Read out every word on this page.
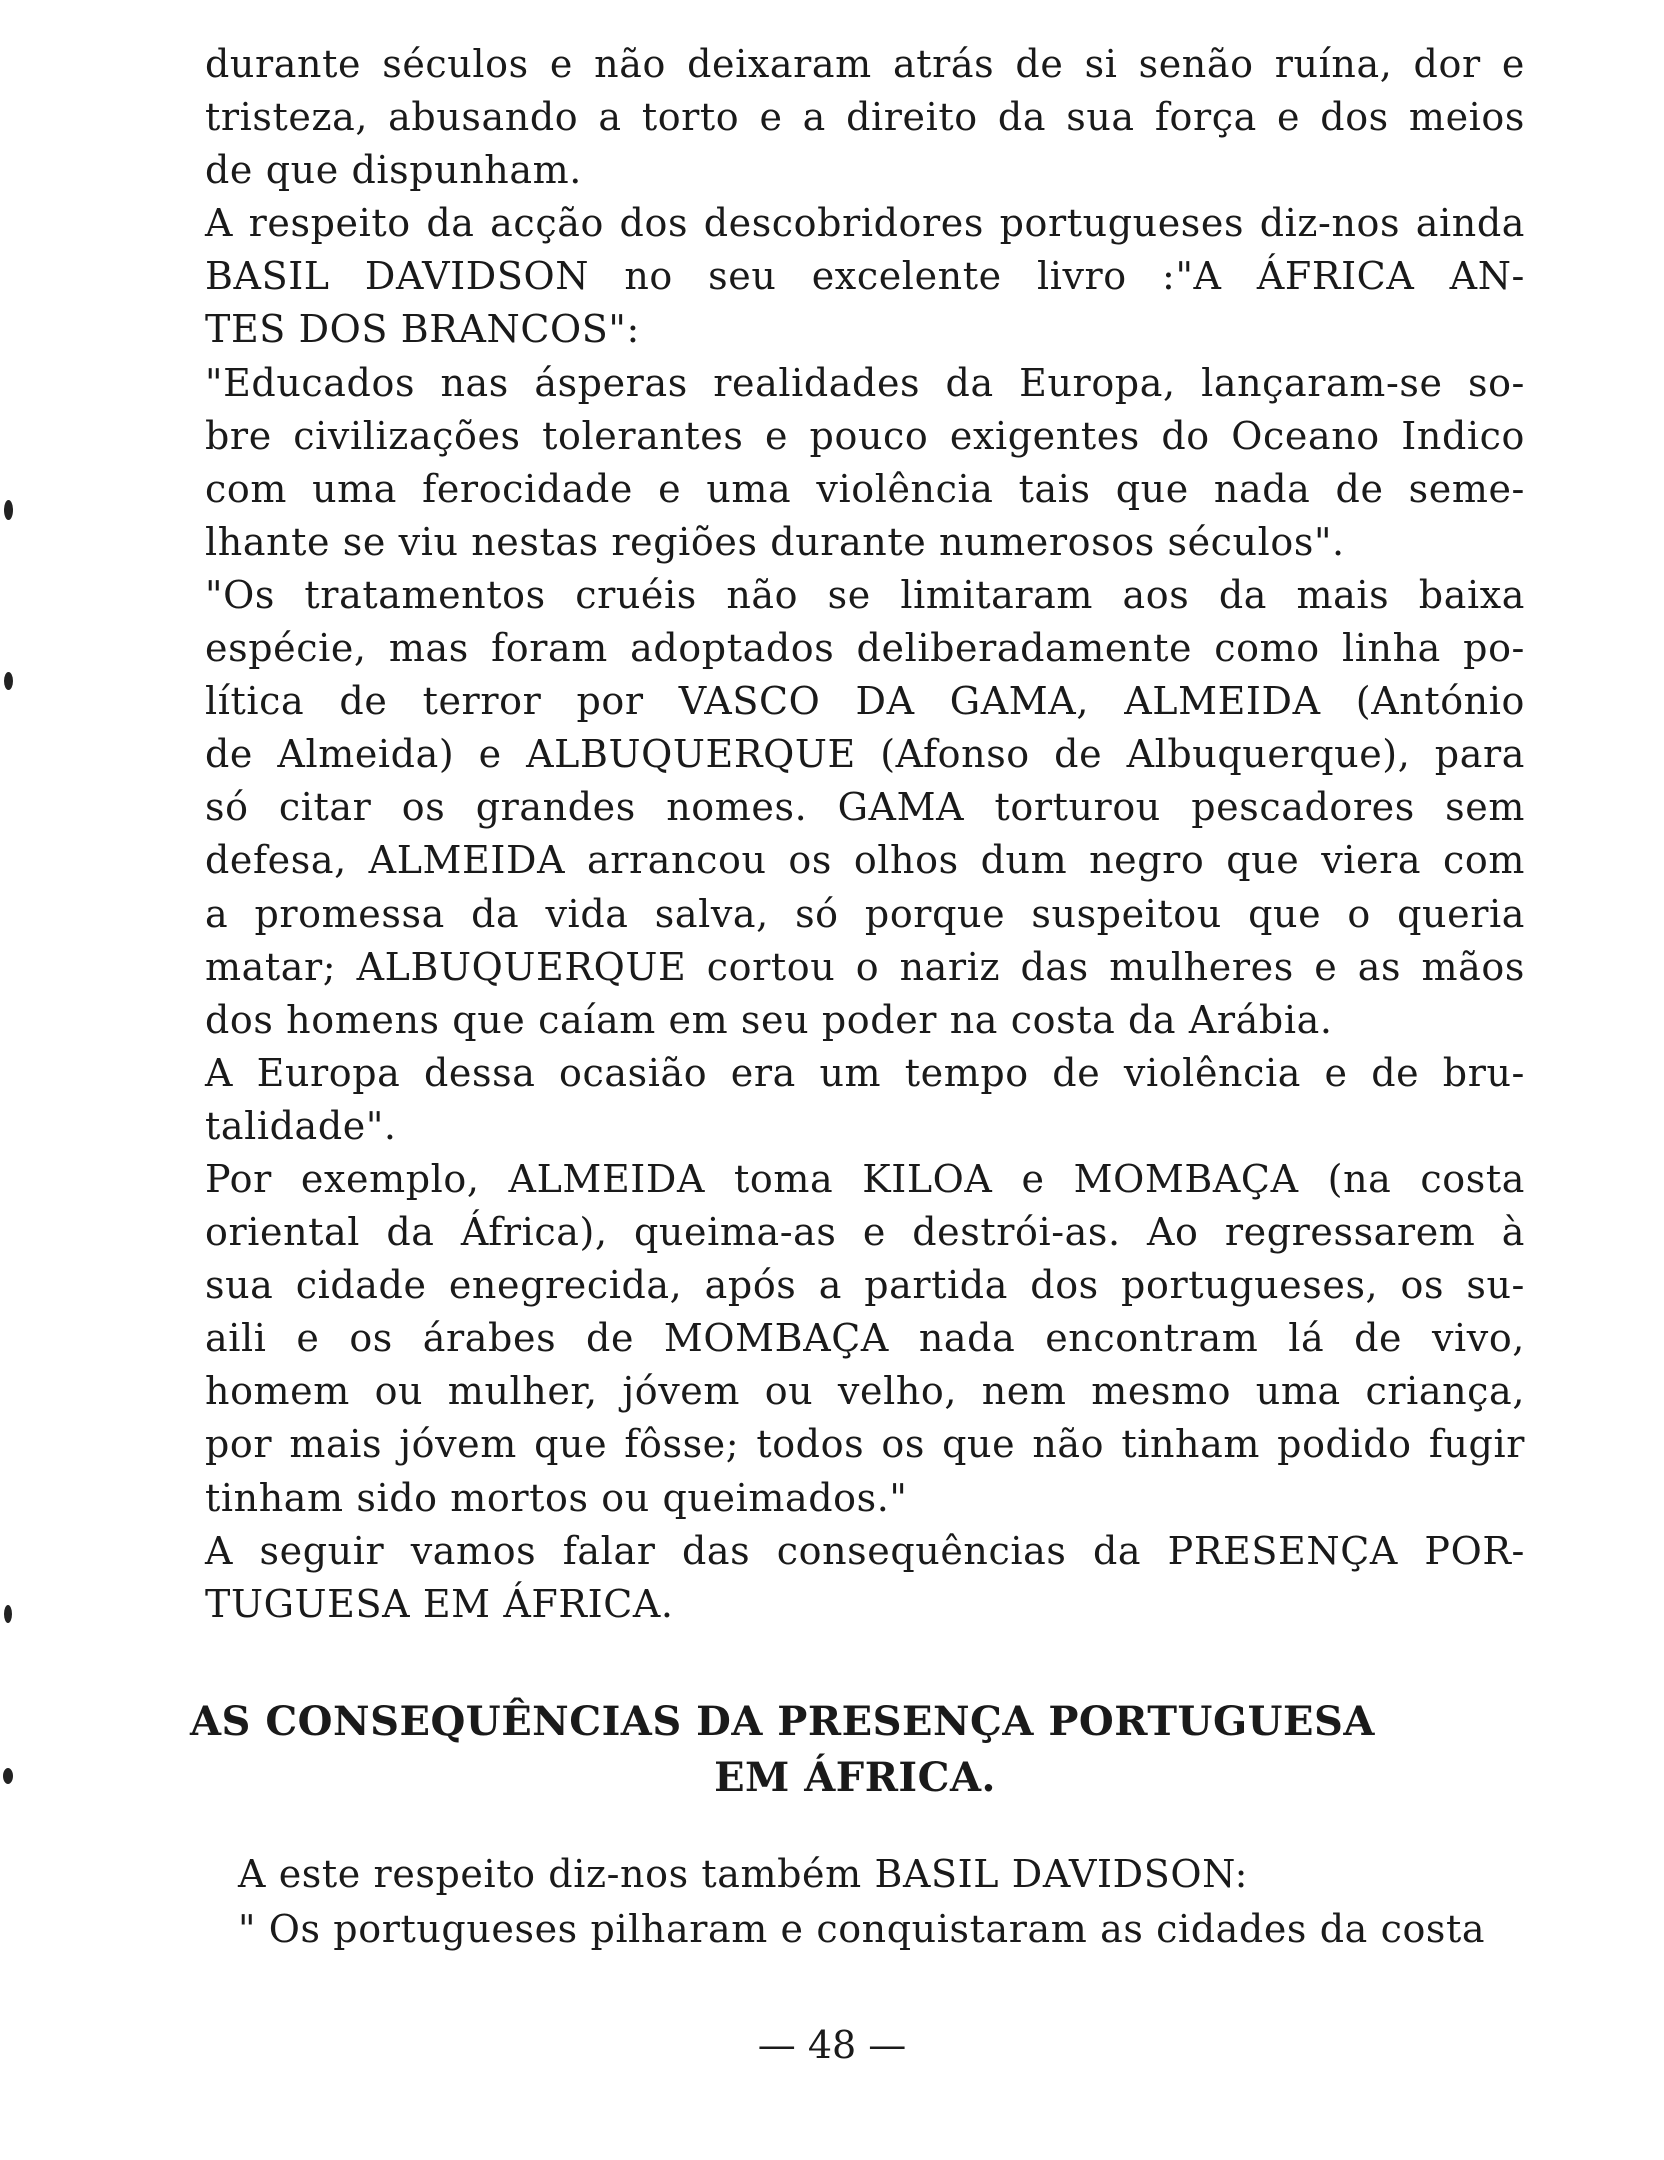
durante séculos e não deixaram atrás de si senão ruína, dor e
tristeza, abusando a torto e a direito da sua força e dos meios
de que dispunham.
A respeito da acção dos descobridores portugueses diz-nos ainda
BASIL DAVIDSON no seu excelente livro :"A ÁFRICA AN-
TES DOS BRANCOS":
"Educados nas ásperas realidades da Europa, lançaram-se so-
bre civilizações tolerantes e pouco exigentes do Oceano Indico
com uma ferocidade e uma violência tais que nada de seme-
lhante se viu nestas regiões durante numerosos séculos".
"Os tratamentos cruéis não se limitaram aos da mais baixa
espécie, mas foram adoptados deliberadamente como linha po-
lítica de terror por VASCO DA GAMA, ALMEIDA (António
de Almeida) e ALBUQUERQUE (Afonso de Albuquerque), para
só citar os grandes nomes. GAMA torturou pescadores sem
defesa, ALMEIDA arrancou os olhos dum negro que viera com
a promessa da vida salva, só porque suspeitou que o queria
matar; ALBUQUERQUE cortou o nariz das mulheres e as mãos
dos homens que caíam em seu poder na costa da Arábia.
A Europa dessa ocasião era um tempo de violência e de bru-
talidade".
Por exemplo, ALMEIDA toma KILOA e MOMBAÇA (na costa
oriental da África), queima-as e destrói-as. Ao regressarem à
sua cidade enegrecida, após a partida dos portugueses, os su-
aili e os árabes de MOMBAÇA nada encontram lá de vivo,
homem ou mulher, jóvem ou velho, nem mesmo uma criança,
por mais jóvem que fôsse; todos os que não tinham podido fugir
tinham sido mortos ou queimados."
A seguir vamos falar das consequências da PRESENÇA POR-
TUGUESA EM ÁFRICA.
AS CONSEQUÊNCIAS DA PRESENÇA PORTUGUESA
EM ÁFRICA.
A este respeito diz-nos também BASIL DAVIDSON:
" Os portugueses pilharam e conquistaram as cidades da costa
— 48 —
